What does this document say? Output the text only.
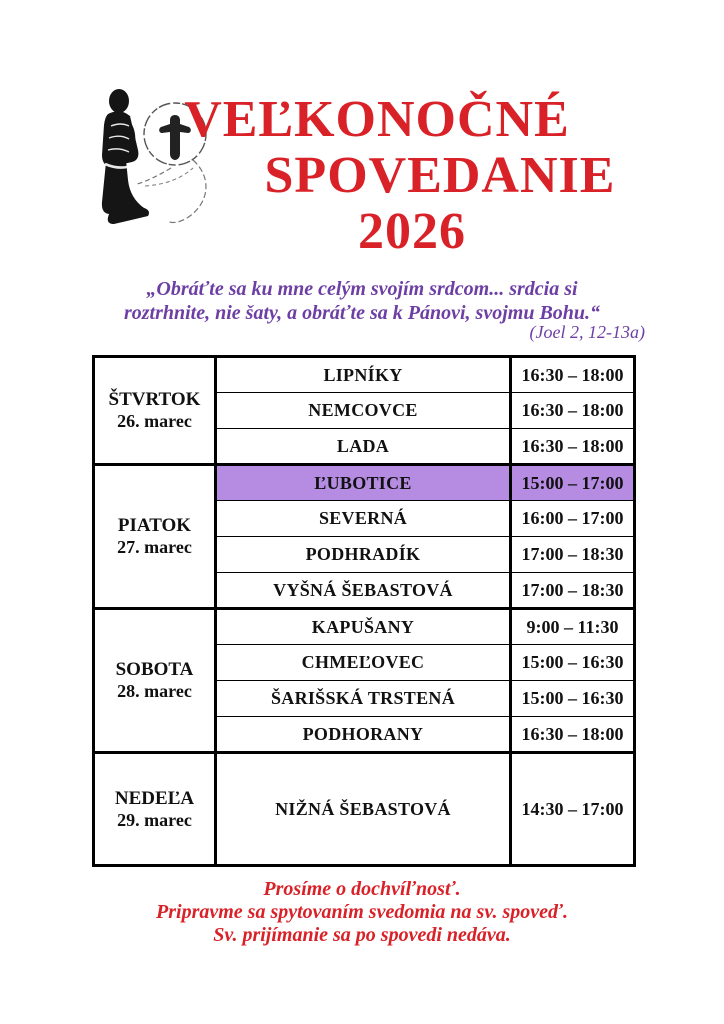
VEĽKONOČNÉ
SPOVEDANIE
2026
„Obráťte sa ku mne celým svojím srdcom... srdcia si
roztrhnite, nie šaty, a obráťte sa k Pánovi, svojmu Bohu.“
(Joel 2, 12-13a)
ŠTVRTOK
26. marec	LIPNÍKY	16:30 – 18:00
	NEMCOVCE	16:30 – 18:00
	LADA	16:30 – 18:00

PIATOK
27. marec	ĽUBOTICE	15:00 – 17:00
	SEVERNÁ	16:00 – 17:00
	PODHRADÍK	17:00 – 18:30
	VYŠNÁ ŠEBASTOVÁ	17:00 – 18:30

SOBOTA
28. marec	KAPUŠANY	9:00 – 11:30
	CHMEĽOVEC	15:00 – 16:30
	ŠARIŠSKÁ TRSTENÁ	15:00 – 16:30
	PODHORANY	16:30 – 18:00

NEDEĽA
29. marec	NIŽNÁ ŠEBASTOVÁ	14:30 – 17:00
Prosíme o dochvíľnosť.
Pripravme sa spytovaním svedomia na sv. spoveď.
Sv. prijímanie sa po spovedi nedáva.
